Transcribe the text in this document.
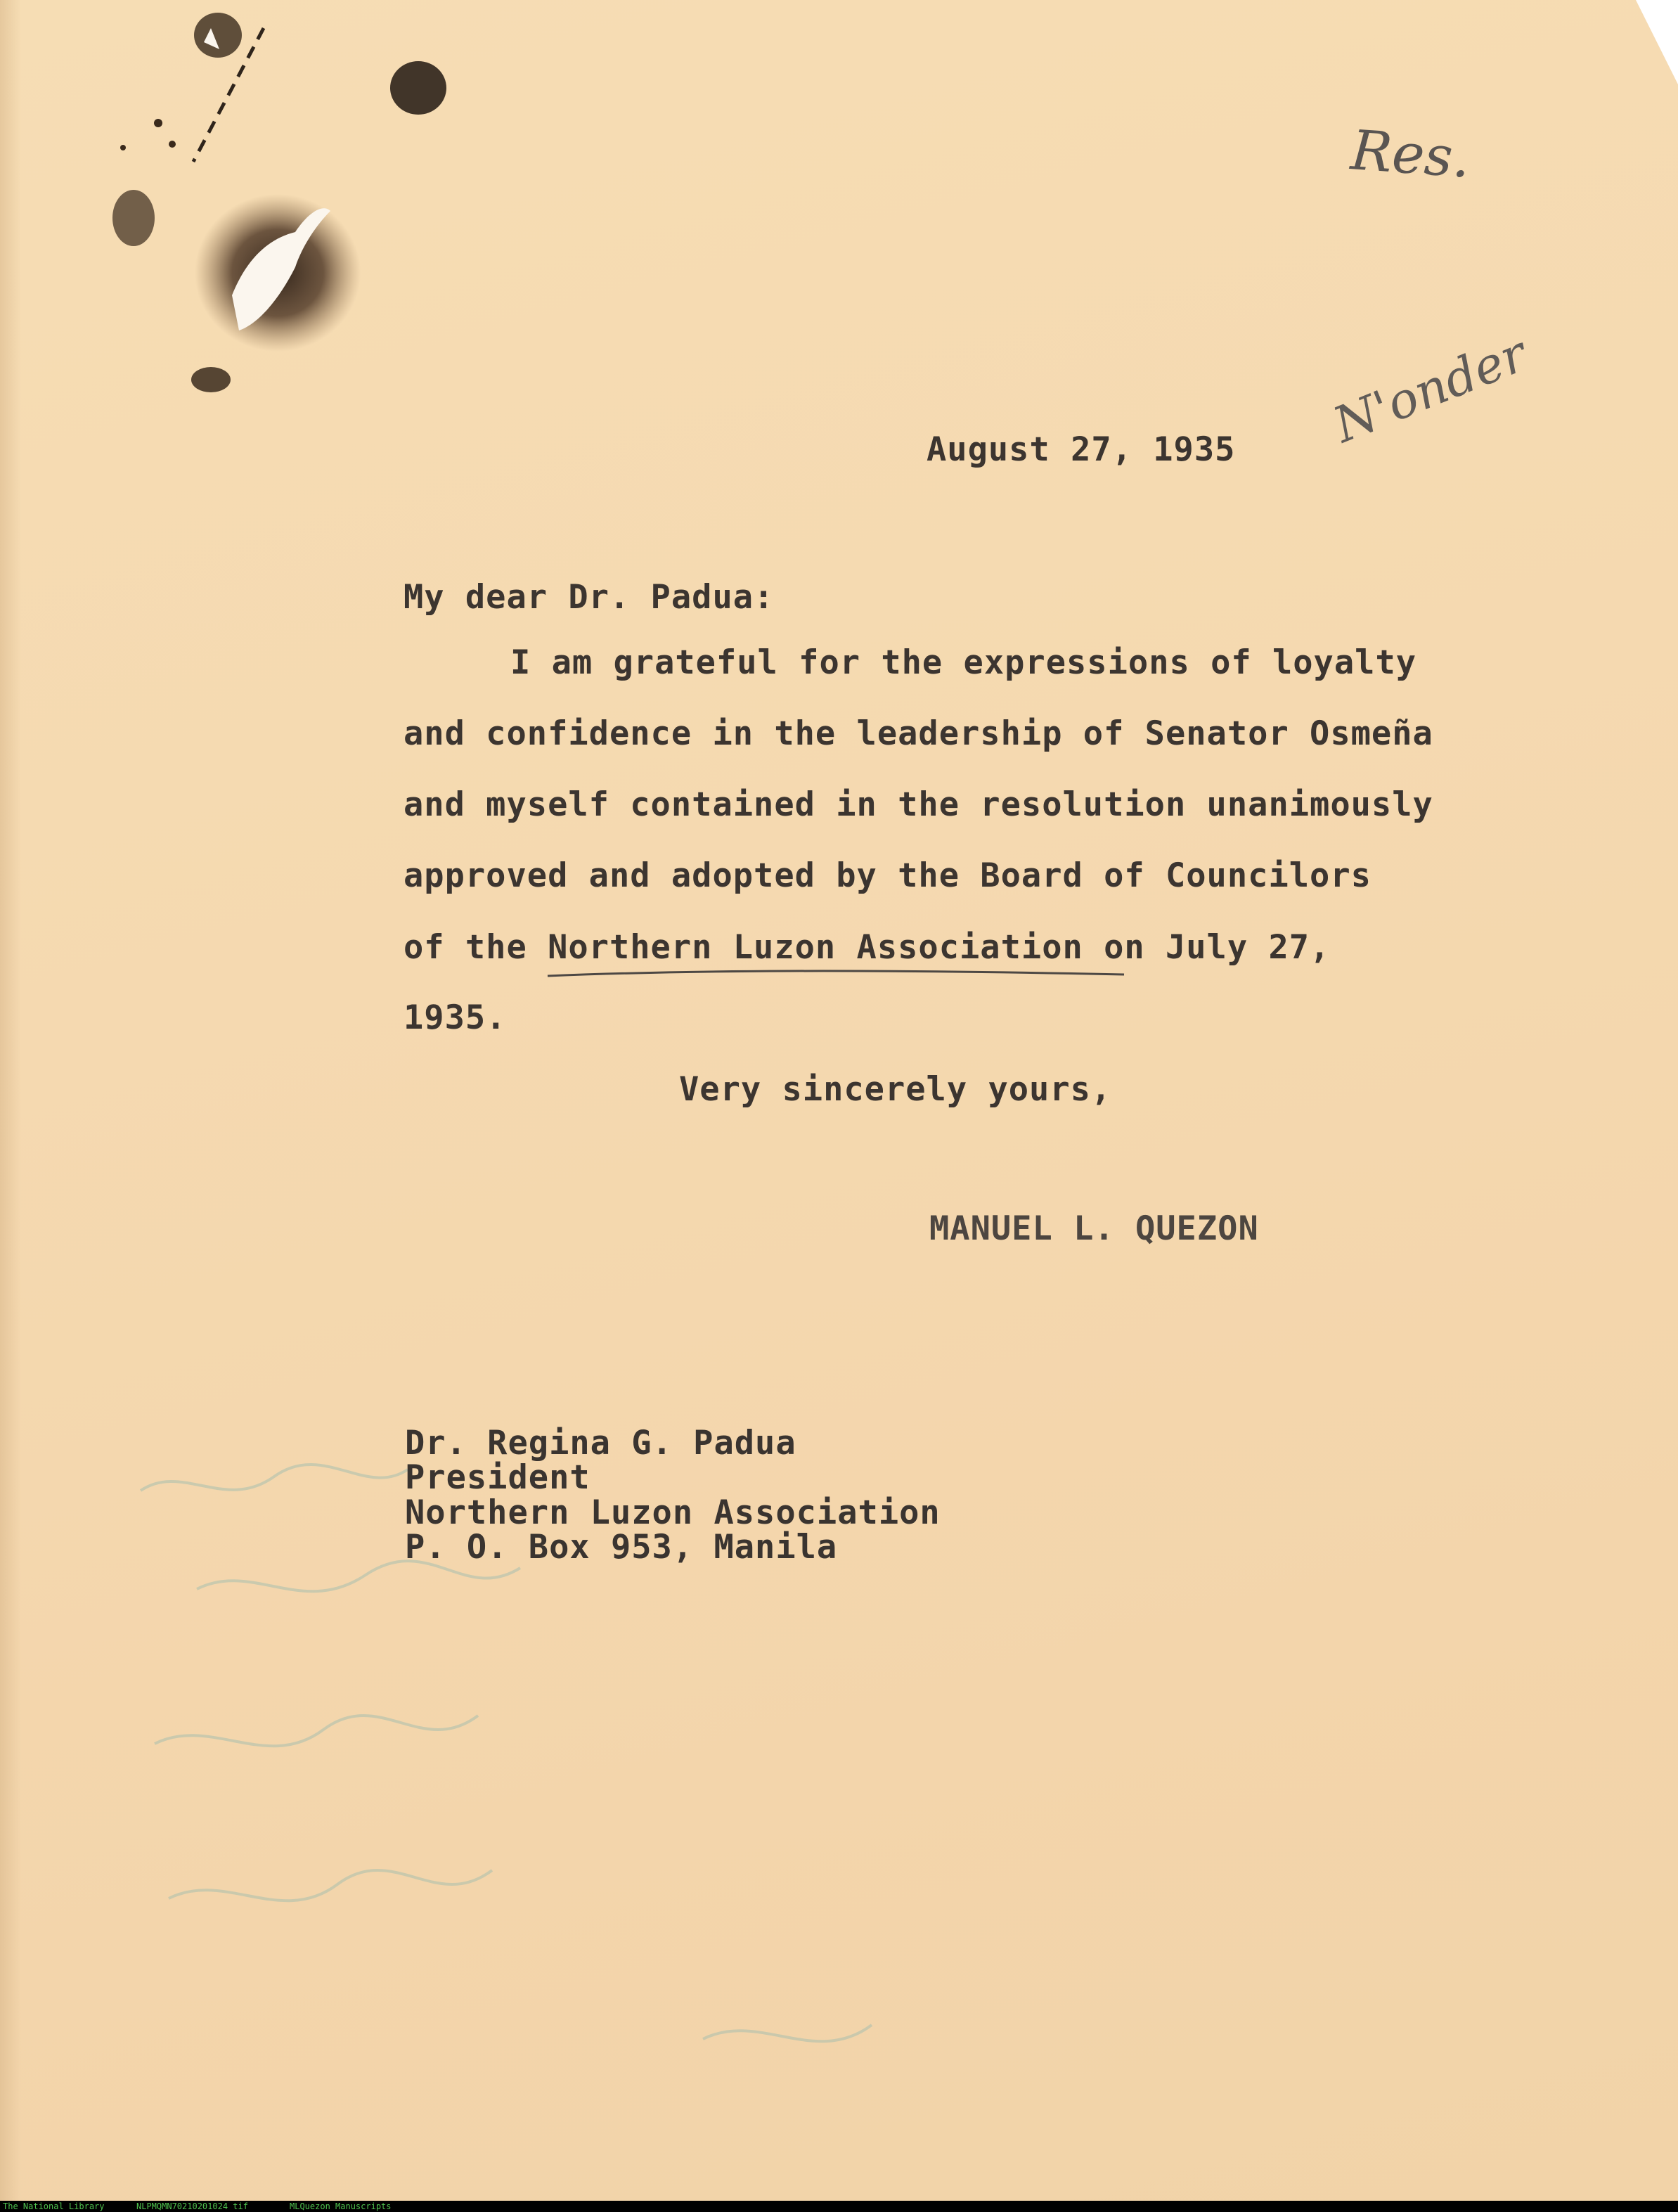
Res.
N'onder
August 27, 1935
My dear Dr. Padua:
I am grateful for the expressions of loyalty
and confidence in the leadership of Senator Osmeña
and myself contained in the resolution unanimously
approved and adopted by the Board of Councilors
of the Northern Luzon Association on July 27,
1935.
Very sincerely yours,
MANUEL L. QUEZON
Dr. Regina G. Padua
President
Northern Luzon Association
P. O. Box 953, Manila
The National Library	NLPMQMN70210201024 tif	MLQuezon Manuscripts
